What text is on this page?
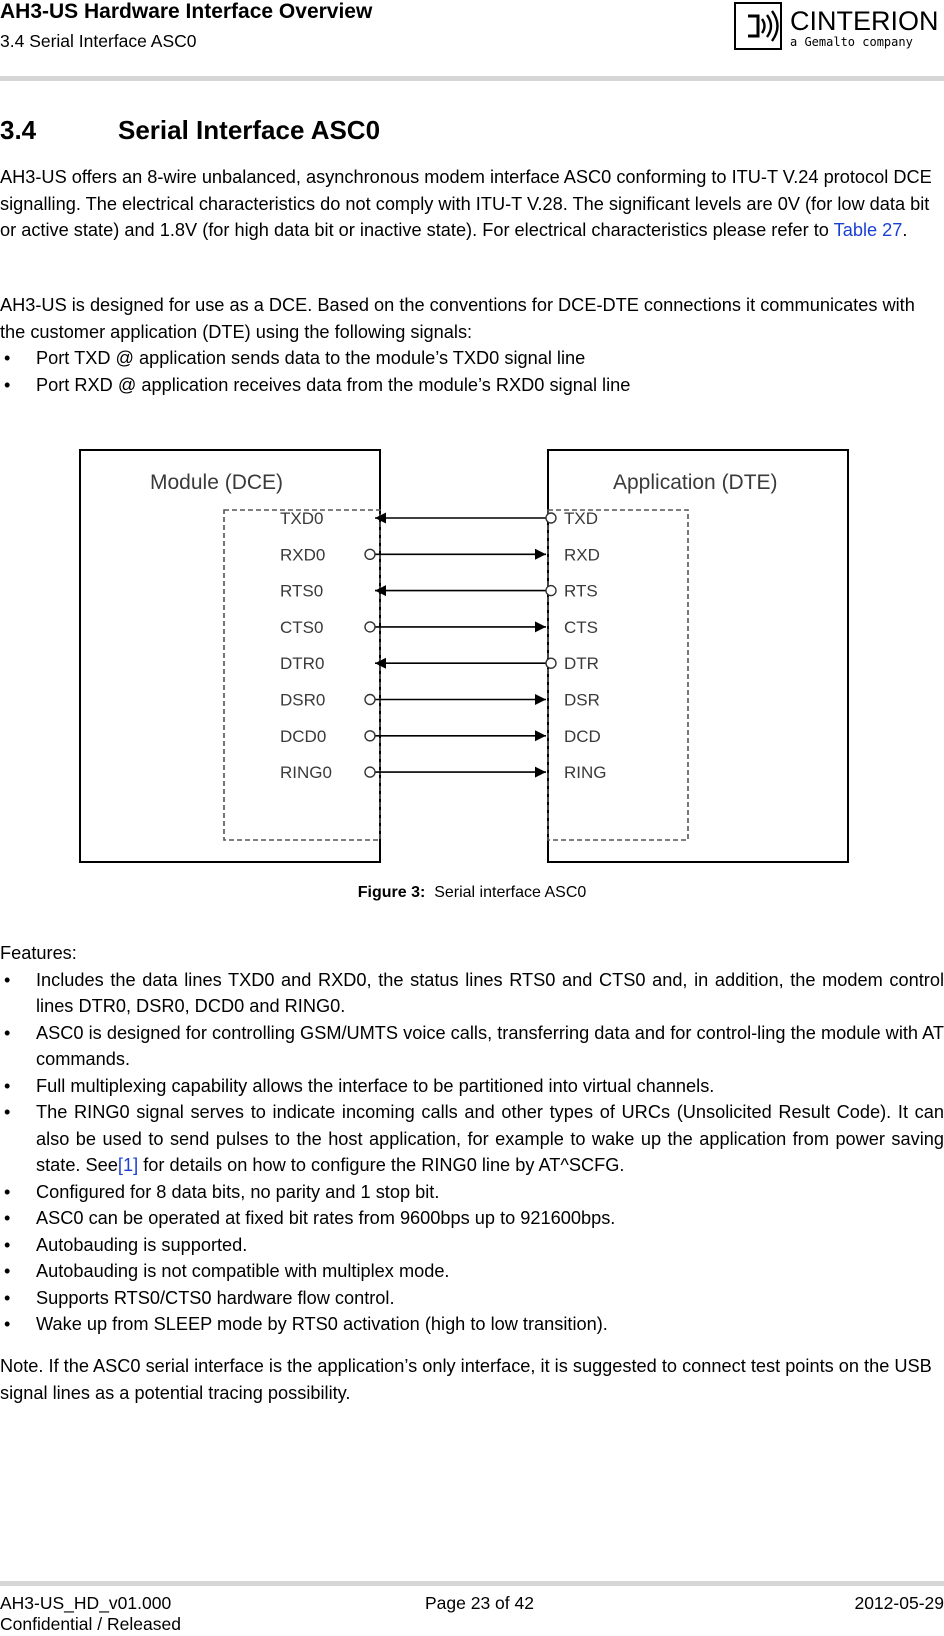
AH3-US Hardware Interface Overview
3.4 Serial Interface ASC0
CINTERION
a Gemalto company
3.4	Serial Interface ASC0
AH3-US offers an 8-wire unbalanced, asynchronous modem interface ASC0 conforming to ITU-T V.24 protocol DCE signalling. The electrical characteristics do not comply with ITU-T V.28. The significant levels are 0V (for low data bit or active state) and 1.8V (for high data bit or inactive state). For electrical characteristics please refer to Table 27.
AH3-US is designed for use as a DCE. Based on the conventions for DCE-DTE connections it communicates with the customer application (DTE) using the following signals:
• Port TXD @ application sends data to the module’s TXD0 signal line
• Port RXD @ application receives data from the module’s RXD0 signal line
Module (DCE)	Application (DTE)
TXD0	TXD
RXD0	RXD
RTS0	RTS
CTS0	CTS
DTR0	DTR
DSR0	DSR
DCD0	DCD
RING0	RING
Figure 3: Serial interface ASC0
Features:
• Includes the data lines TXD0 and RXD0, the status lines RTS0 and CTS0 and, in addition, the modem control lines DTR0, DSR0, DCD0 and RING0.
• ASC0 is designed for controlling GSM/UMTS voice calls, transferring data and for control-ling the module with AT commands.
• Full multiplexing capability allows the interface to be partitioned into virtual channels.
• The RING0 signal serves to indicate incoming calls and other types of URCs (Unsolicited Result Code). It can also be used to send pulses to the host application, for example to wake up the application from power saving state. See[1] for details on how to configure the RING0 line by AT^SCFG.
• Configured for 8 data bits, no parity and 1 stop bit.
• ASC0 can be operated at fixed bit rates from 9600bps up to 921600bps.
• Autobauding is supported.
• Autobauding is not compatible with multiplex mode.
• Supports RTS0/CTS0 hardware flow control.
• Wake up from SLEEP mode by RTS0 activation (high to low transition).
Note. If the ASC0 serial interface is the application’s only interface, it is suggested to connect test points on the USB signal lines as a potential tracing possibility.
AH3-US_HD_v01.000
Confidential / Released
Page 23 of 42	2012-05-29
